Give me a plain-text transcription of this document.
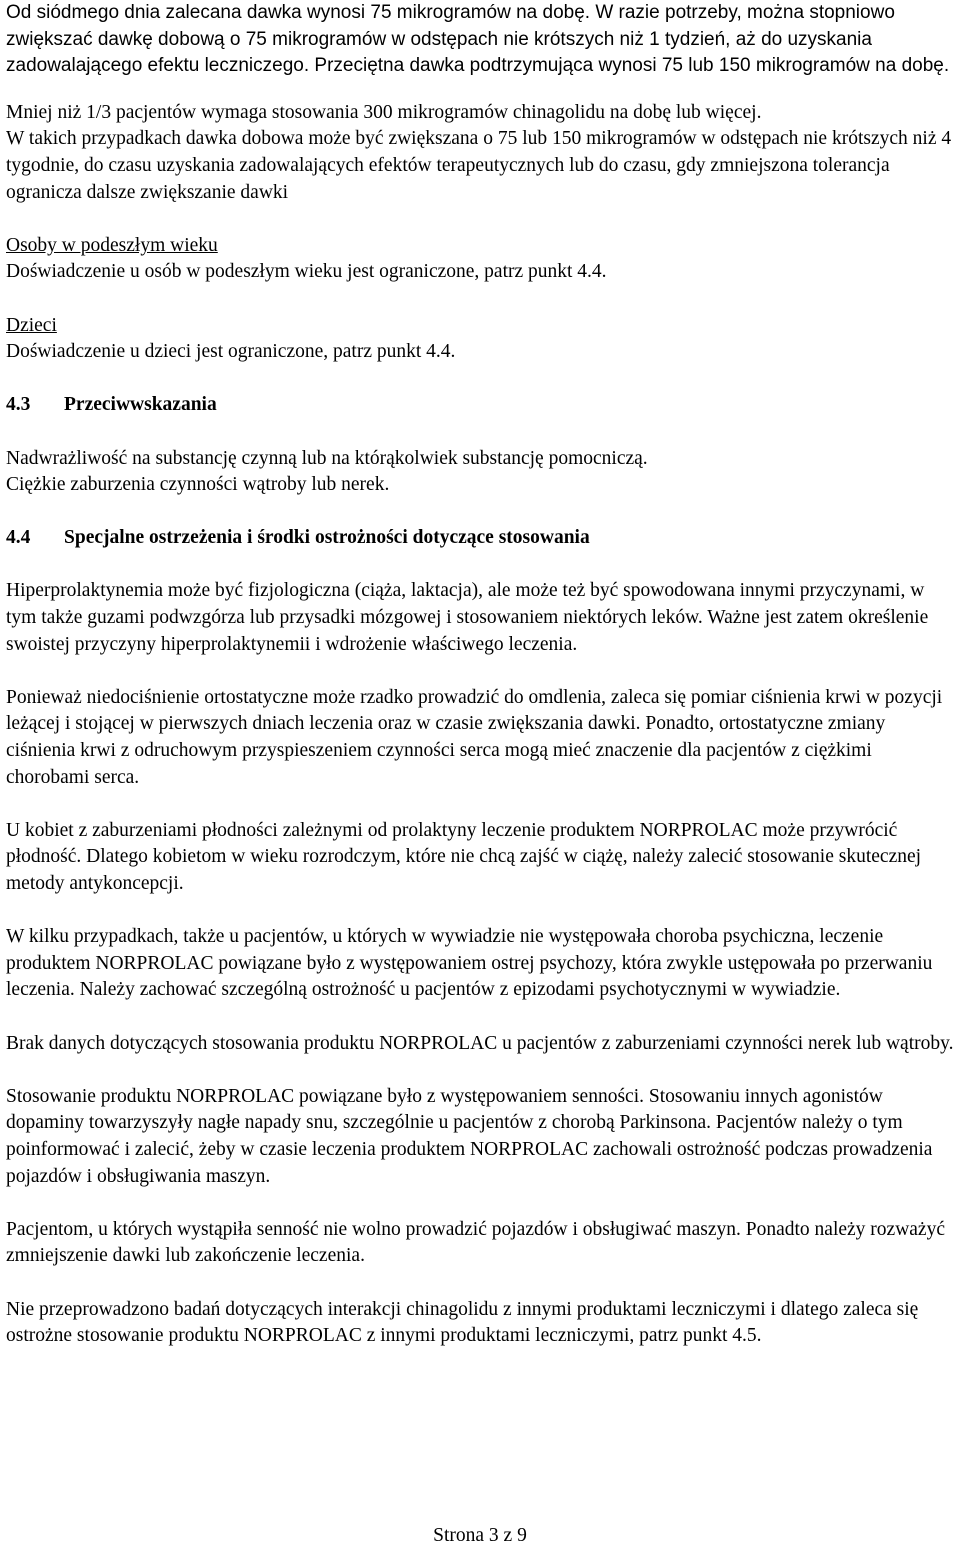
Od siódmego dnia zalecana dawka wynosi 75 mikrogramów na dobę. W razie potrzeby, można stopniowo zwiększać dawkę dobową o 75 mikrogramów w odstępach nie krótszych niż 1 tydzień, aż do uzyskania zadowalającego efektu leczniczego. Przeciętna dawka podtrzymująca wynosi 75 lub 150 mikrogramów na dobę.

Mniej niż 1/3 pacjentów wymaga stosowania 300 mikrogramów chinagolidu na dobę lub więcej.

W takich przypadkach dawka dobowa może być zwiększana o 75 lub 150 mikrogramów w odstępach nie krótszych niż 4 tygodnie, do czasu uzyskania zadowalających efektów terapeutycznych lub do czasu, gdy zmniejszona tolerancja ogranicza dalsze zwiększanie dawki

Osoby w podeszłym wieku

Doświadczenie u osób w podeszłym wieku jest ograniczone, patrz punkt 4.4.

Dzieci

Doświadczenie u dzieci jest ograniczone, patrz punkt 4.4.

4.3	Przeciwwskazania

Nadwrażliwość na substancję czynną lub na którąkolwiek substancję pomocniczą.

Ciężkie zaburzenia czynności wątroby lub nerek.

4.4	Specjalne ostrzeżenia i środki ostrożności dotyczące stosowania

Hiperprolaktynemia może być fizjologiczna (ciąża, laktacja), ale może też być spowodowana innymi przyczynami, w tym także guzami podwzgórza lub przysadki mózgowej i stosowaniem niektórych leków. Ważne jest zatem określenie swoistej przyczyny hiperprolaktynemii i wdrożenie właściwego leczenia.

Ponieważ niedociśnienie ortostatyczne może rzadko prowadzić do omdlenia, zaleca się pomiar ciśnienia krwi w pozycji leżącej i stojącej w pierwszych dniach leczenia oraz w czasie zwiększania dawki. Ponadto, ortostatyczne zmiany ciśnienia krwi z odruchowym przyspieszeniem czynności serca mogą mieć znaczenie dla pacjentów z ciężkimi chorobami serca.

U kobiet z zaburzeniami płodności zależnymi od prolaktyny leczenie produktem NORPROLAC może przywrócić płodność. Dlatego kobietom w wieku rozrodczym, które nie chcą zajść w ciążę, należy zalecić stosowanie skutecznej metody antykoncepcji.

W kilku przypadkach, także u pacjentów, u których w wywiadzie nie występowała choroba psychiczna, leczenie produktem NORPROLAC powiązane było z występowaniem ostrej psychozy, która zwykle ustępowała po przerwaniu leczenia. Należy zachować szczególną ostrożność u pacjentów z epizodami psychotycznymi w wywiadzie.

Brak danych dotyczących stosowania produktu NORPROLAC u pacjentów z zaburzeniami czynności nerek lub wątroby.

Stosowanie produktu NORPROLAC powiązane było z występowaniem senności. Stosowaniu innych agonistów dopaminy towarzyszyły nagłe napady snu, szczególnie u pacjentów z chorobą Parkinsona. Pacjentów należy o tym poinformować i zalecić, żeby w czasie leczenia produktem NORPROLAC zachowali ostrożność podczas prowadzenia pojazdów i obsługiwania maszyn.

Pacjentom, u których wystąpiła senność nie wolno prowadzić pojazdów i obsługiwać maszyn. Ponadto należy rozważyć zmniejszenie dawki lub zakończenie leczenia.

Nie przeprowadzono badań dotyczących interakcji chinagolidu z innymi produktami leczniczymi i dlatego zaleca się ostrożne stosowanie produktu NORPROLAC z innymi produktami leczniczymi, patrz punkt 4.5.

Strona 3 z 9
